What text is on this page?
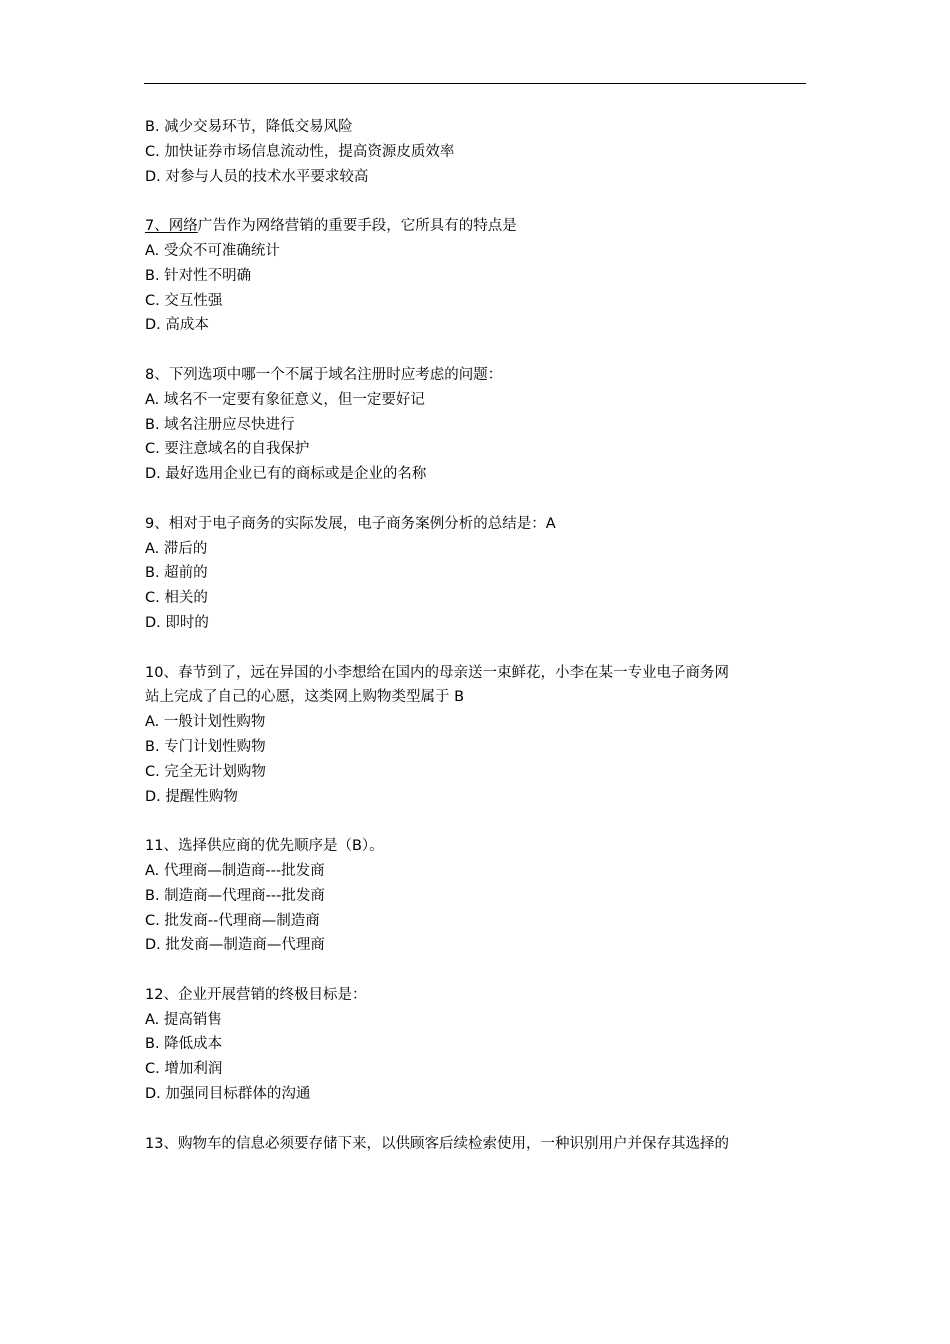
B. 减少交易环节，降低交易风险
C. 加快证券市场信息流动性，提高资源皮质效率
D. 对参与人员的技术水平要求较高
7、网络广告作为网络营销的重要手段，它所具有的特点是
A. 受众不可准确统计
B. 针对性不明确
C. 交互性强
D. 高成本
8、下列选项中哪一个不属于域名注册时应考虑的问题：
A. 域名不一定要有象征意义，但一定要好记
B. 域名注册应尽快进行
C. 要注意域名的自我保护
D. 最好选用企业已有的商标或是企业的名称
9、相对于电子商务的实际发展，电子商务案例分析的总结是：A
A. 滞后的
B. 超前的
C. 相关的
D. 即时的
10、春节到了，远在异国的小李想给在国内的母亲送一束鲜花，小李在某一专业电子商务网
站上完成了自己的心愿，这类网上购物类型属于 B
A. 一般计划性购物
B. 专门计划性购物
C. 完全无计划购物
D. 提醒性购物
11、选择供应商的优先顺序是（B）。
A. 代理商—制造商---批发商
B. 制造商—代理商---批发商
C. 批发商--代理商—制造商
D. 批发商—制造商—代理商
12、企业开展营销的终极目标是：
A. 提高销售
B. 降低成本
C. 增加利润
D. 加强同目标群体的沟通
13、购物车的信息必须要存储下来，以供顾客后续检索使用，一种识别用户并保存其选择的
